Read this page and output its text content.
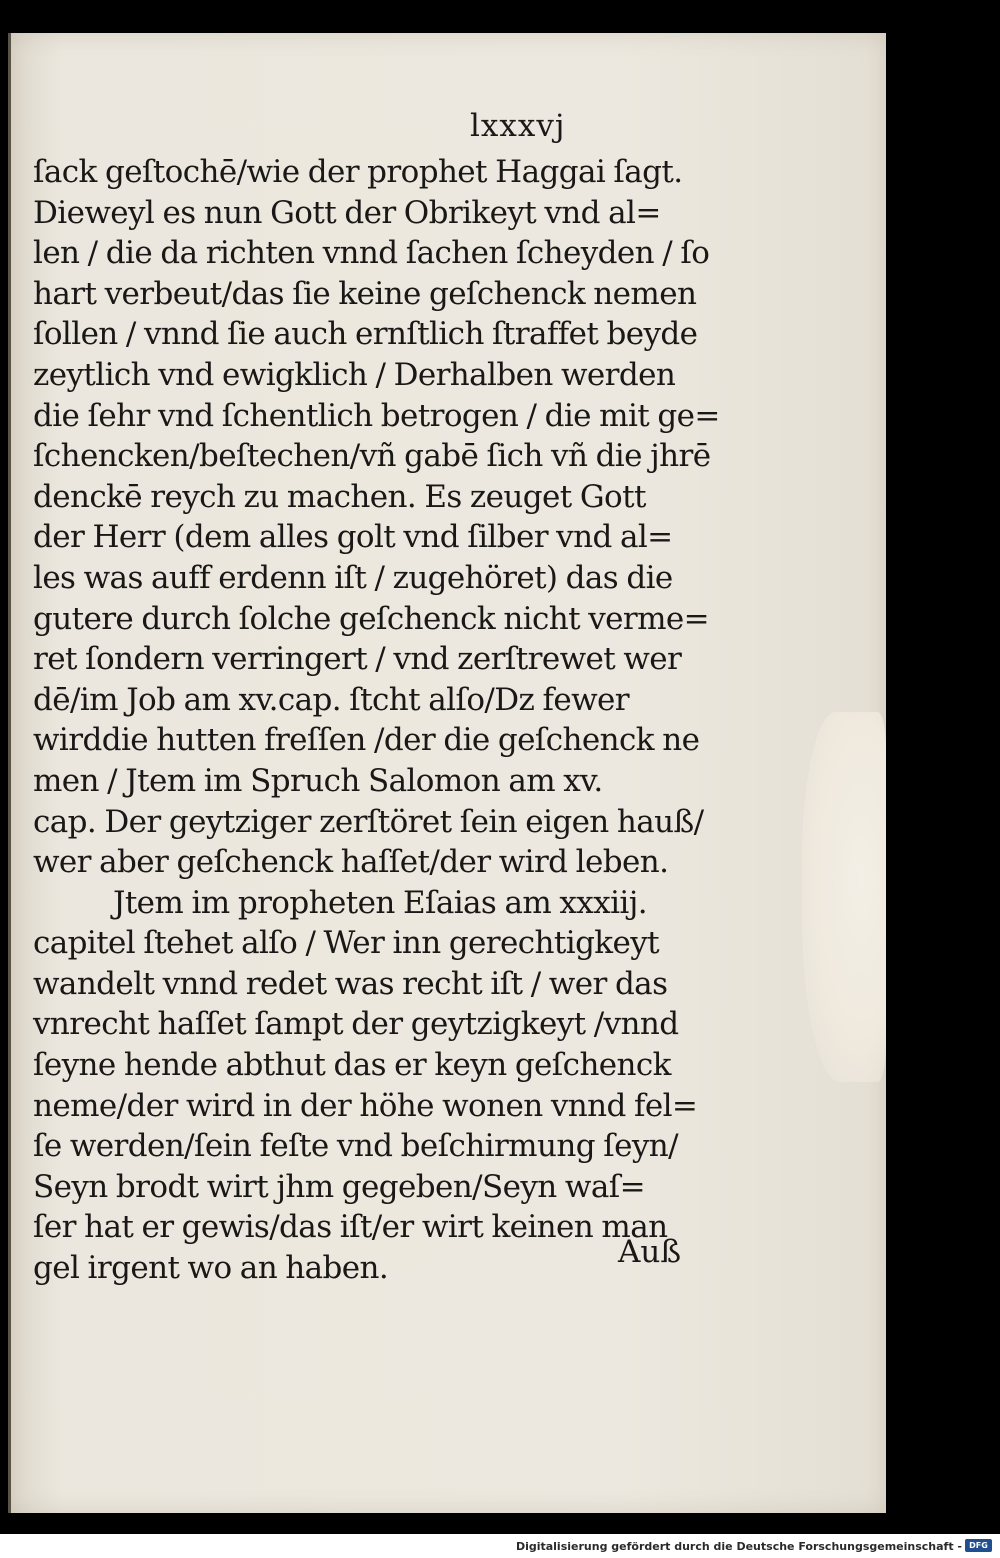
lxxxvj
ſack geſtochē/wie der prophet Haggai ſagt.
Dieweyl es nun Gott der Obrikeyt vnd al=
len / die da richten vnnd ſachen ſcheyden / ſo
hart verbeut/das ſie keine geſchenck nemen
ſollen / vnnd ſie auch ernſtlich ſtraffet beyde
zeytlich vnd ewigklich / Derhalben werden
die ſehr vnd ſchentlich betrogen / die mit ge=
ſchencken/beſtechen/vñ gabē ſich vñ die jhrē
denckē reych zu machen. Es zeuget Gott
der Herr (dem alles golt vnd ſilber vnd al=
les was auff erdenn iſt / zugehöret) das die
gutere durch ſolche geſchenck nicht verme=
ret ſondern verringert / vnd zerſtrewet wer
dē/im Job am xv.cap. ſtcht alſo/Dz fewer
wirddie hutten freſſen /der die geſchenck ne
men / Jtem im Spruch Salomon am xv.
cap. Der geytziger zerſtöret ſein eigen hauß/
wer aber geſchenck haſſet/der wird leben.
Jtem im propheten Eſaias am xxxiij.
capitel ſtehet alſo / Wer inn gerechtigkeyt
wandelt vnnd redet was recht iſt / wer das
vnrecht haſſet ſampt der geytzigkeyt /vnnd
ſeyne hende abthut das er keyn geſchenck
neme/der wird in der höhe wonen vnnd fel=
ſe werden/ſein feſte vnd beſchirmung ſeyn/
Seyn brodt wirt jhm gegeben/Seyn waſ=
ſer hat er gewis/das iſt/er wirt keinen man
gel irgent wo an haben.	Auß
Digitalisierung gefördert durch die Deutsche Forschungsgemeinschaft - DFG
